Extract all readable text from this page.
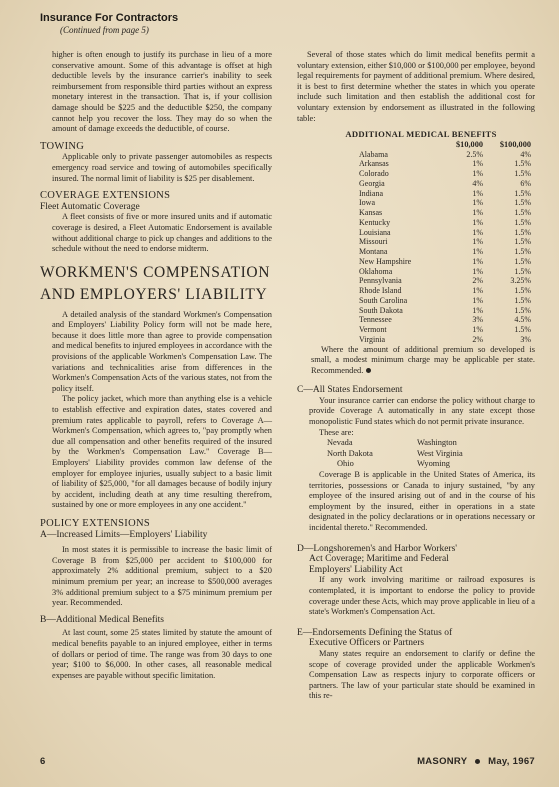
Insurance For Contractors
(Continued from page 5)

higher is often enough to justify its purchase in lieu of a more conservative amount. Some of this advantage is offset at high deductible levels by the insurance carrier's inability to seek reimbursement from responsible third parties without an express monetary interest in the transaction. That is, if your collision damage should be $225 and the deductible $250, the company cannot help you recover the loss. They may do so when the amount of damage exceeds the deductible, of course.

TOWING

Applicable only to private passenger automobiles as respects emergency road service and towing of automobiles specifically insured. The normal limit of liability is $25 per disablement.

COVERAGE EXTENSIONS
Fleet Automatic Coverage

A fleet consists of five or more insured units and if automatic coverage is desired, a Fleet Automatic Endorsement is available without additional charge to pick up changes and additions to the schedule without the need to endorse midterm.

WORKMEN'S COMPENSATION
AND EMPLOYERS' LIABILITY

A detailed analysis of the standard Workmen's Compensation and Employers' Liability Policy form will not be made here, because it does little more than agree to provide compensation and medical benefits to injured employees in accordance with the provisions of the applicable Workmen's Compensation Law. The variations and technicalities arise from differences in the Workmen's Compensation Acts of the various states, not from the policy itself.

The policy jacket, which more than anything else is a vehicle to establish effective and expiration dates, states covered and premium rates applicable to payroll, refers to Coverage A—Workmen's Compensation, which agrees to, "pay promptly when due all compensation and other benefits required of the insured by the Workmen's Compensation Law." Coverage B—Employers' Liability provides common law defense of the employer for employee injuries, usually subject to a basic limit of liability of $25,000, "for all damages because of bodily injury by accident, including death at any time resulting therefrom, sustained by one or more employees in any one accident."

POLICY EXTENSIONS
A—Increased Limits—Employers' Liability

In most states it is permissible to increase the basic limit of Coverage B from $25,000 per accident to $100,000 for approximately 2% additional premium, subject to a $20 minimum premium per year; an increase to $500,000 averages 3% additional premium subject to a $75 minimum premium per year. Recommended.

B—Additional Medical Benefits

At last count, some 25 states limited by statute the amount of medical benefits payable to an injured employee, either in terms of dollars or period of time. The range was from 30 days to one year; $100 to $6,000. In other cases, all reasonable medical expenses are payable without specific limitation.

Several of those states which do limit medical benefits permit a voluntary extension, either $10,000 or $100,000 per employee, beyond legal requirements for payment of additional premium. Where desired, it is best to first determine whether the states in which you operate include such limitation and then establish the additional cost for voluntary extension by endorsement as illustrated in the following table:

ADDITIONAL MEDICAL BENEFITS
	$10,000	$100,000
Alabama	2.5%	4%
Arkansas	1%	1.5%
Colorado	1%	1.5%
Georgia	4%	6%
Indiana	1%	1.5%
Iowa	1%	1.5%
Kansas	1%	1.5%
Kentucky	1%	1.5%
Louisiana	1%	1.5%
Missouri	1%	1.5%
Montana	1%	1.5%
New Hampshire	1%	1.5%
Oklahoma	1%	1.5%
Pennsylvania	2%	3.25%
Rhode Island	1%	1.5%
South Carolina	1%	1.5%
South Dakota	1%	1.5%
Tennessee	3%	4.5%
Vermont	1%	1.5%
Virginia	2%	3%

Where the amount of additional premium so developed is small, a modest minimum charge may be applicable per state. Recommended.

C—All States Endorsement

Your insurance carrier can endorse the policy without charge to provide Coverage A automatically in any state except those monopolistic Fund states which do not permit private insurance.

These are:

Nevada	Washington
North Dakota	West Virginia
Ohio	Wyoming

Coverage B is applicable in the United States of America, its territories, possessions or Canada to injury sustained, "by any employee of the insured arising out of and in the course of his employment by the insured, either in operations in a state designated in the policy declarations or in operations necessary or incidental thereto." Recommended.

D—Longshoremen's and Harbor Workers'
Act Coverage; Maritime and Federal
Employers' Liability Act

If any work involving maritime or railroad exposures is contemplated, it is important to endorse the policy to provide coverage under these Acts, which may prove applicable in lieu of a state's Workmen's Compensation Act.

E—Endorsements Defining the Status of
Executive Officers or Partners

Many states require an endorsement to clarify or define the scope of coverage provided under the applicable Workmen's Compensation Law as respects injury to corporate officers or partners. The law of your particular state should be examined in this re-

6	MASONRY May, 1967
